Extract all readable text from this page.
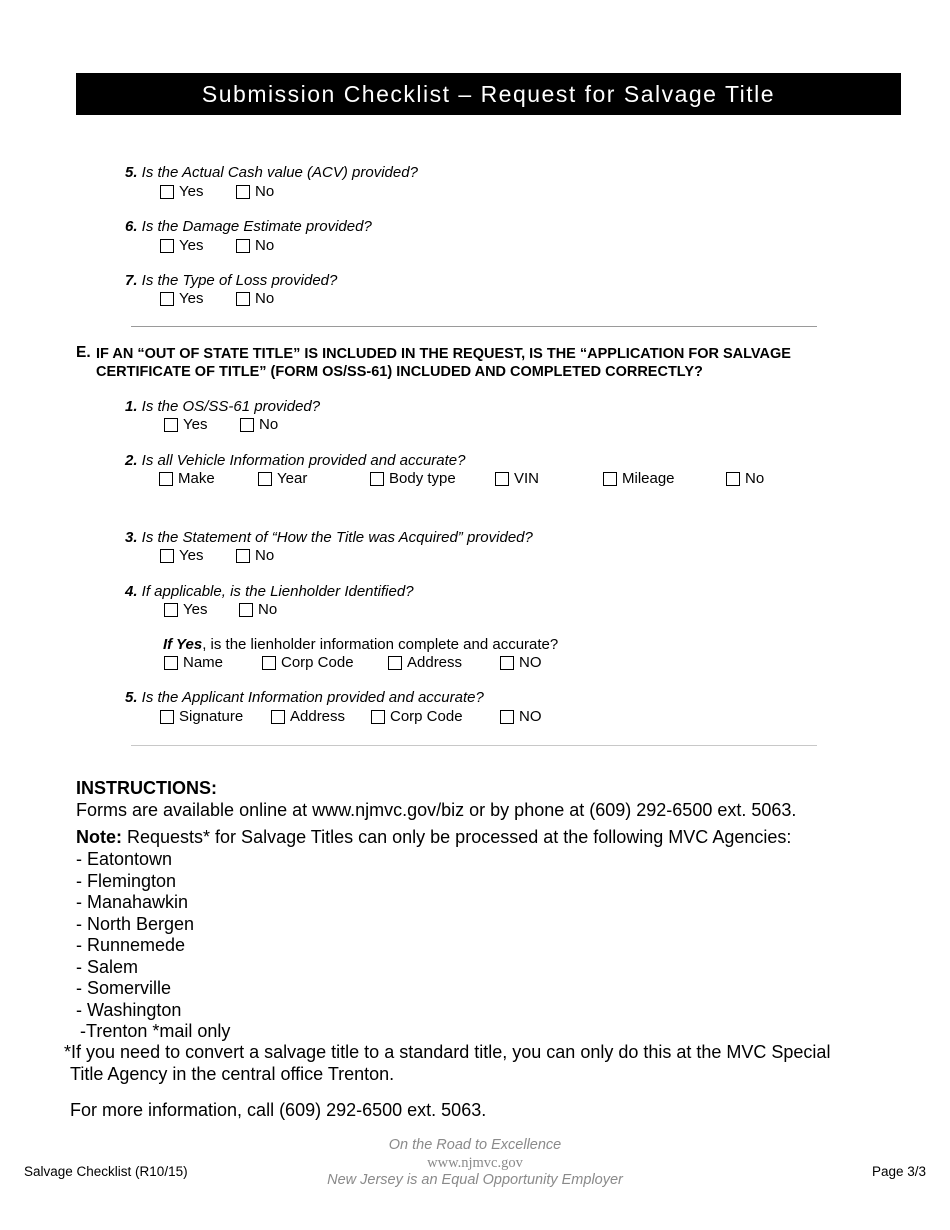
Submission Checklist – Request for Salvage Title
5. Is the Actual Cash value (ACV) provided?
Yes	No
6. Is the Damage Estimate provided?
Yes	No
7. Is the Type of Loss provided?
Yes	No
E. IF AN “OUT OF STATE TITLE” IS INCLUDED IN THE REQUEST, IS THE “APPLICATION FOR SALVAGE
CERTIFICATE OF TITLE” (FORM OS/SS-61) INCLUDED AND COMPLETED CORRECTLY?
1. Is the OS/SS-61 provided?
Yes	No
2. Is all Vehicle Information provided and accurate?
Make	Year	Body type	VIN	Mileage	No
3. Is the Statement of “How the Title was Acquired” provided?
Yes	No
4. If applicable, is the Lienholder Identified?
Yes	No
If Yes, is the lienholder information complete and accurate?
Name	Corp Code	Address	NO
5. Is the Applicant Information provided and accurate?
Signature	Address	Corp Code	NO
INSTRUCTIONS:
Forms are available online at www.njmvc.gov/biz or by phone at (609) 292-6500 ext. 5063.
Note: Requests* for Salvage Titles can only be processed at the following MVC Agencies:
- Eatontown
- Flemington
- Manahawkin
- North Bergen
- Runnemede
- Salem
- Somerville
- Washington
-Trenton *mail only
*If you need to convert a salvage title to a standard title, you can only do this at the MVC Special
Title Agency in the central office Trenton.
For more information, call (609) 292-6500 ext. 5063.
On the Road to Excellence
www.njmvc.gov
New Jersey is an Equal Opportunity Employer
Salvage Checklist (R10/15)	Page 3/3
